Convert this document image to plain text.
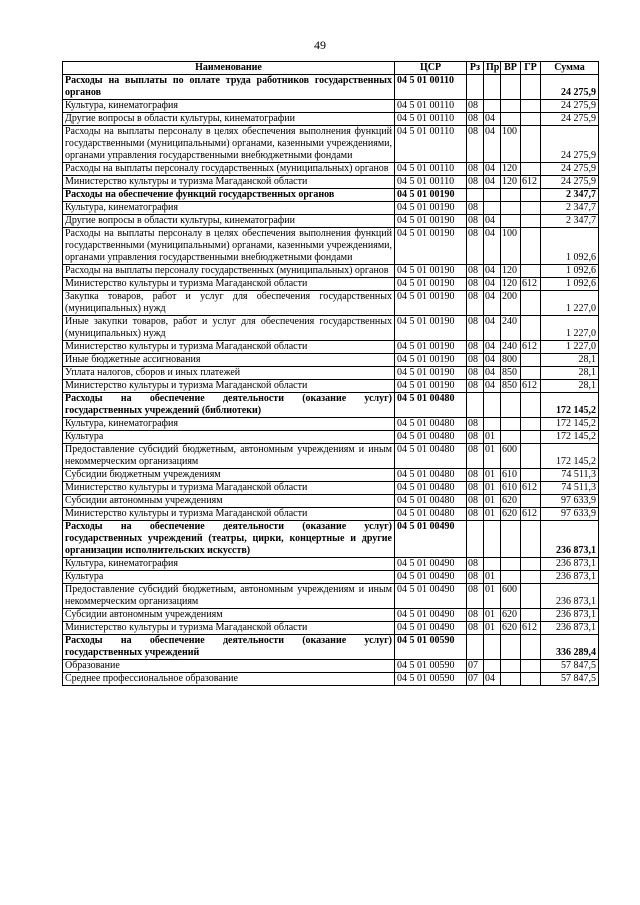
49
Наименование	ЦСР	Рз	Пр	ВР	ГР	Сумма
Расходы на выплаты по оплате труда работников государственных органов	04 5 01 00110					24 275,9
Культура, кинематография	04 5 01 00110	08				24 275,9
Другие вопросы в области культуры, кинематографии	04 5 01 00110	08	04			24 275,9
Расходы на выплаты персоналу в целях обеспечения выполнения функций государственными (муниципальными) органами, казенными учреждениями, органами управления государственными внебюджетными фондами	04 5 01 00110	08	04	100		24 275,9
Расходы на выплаты персоналу государственных (муниципальных) органов	04 5 01 00110	08	04	120		24 275,9
Министерство культуры и туризма Магаданской области	04 5 01 00110	08	04	120	612	24 275,9
Расходы на обеспечение функций государственных органов	04 5 01 00190					2 347,7
Культура, кинематография	04 5 01 00190	08				2 347,7
Другие вопросы в области культуры, кинематографии	04 5 01 00190	08	04			2 347,7
Расходы на выплаты персоналу в целях обеспечения выполнения функций государственными (муниципальными) органами, казенными учреждениями, органами управления государственными внебюджетными фондами	04 5 01 00190	08	04	100		1 092,6
Расходы на выплаты персоналу государственных (муниципальных) органов	04 5 01 00190	08	04	120		1 092,6
Министерство культуры и туризма Магаданской области	04 5 01 00190	08	04	120	612	1 092,6
Закупка товаров, работ и услуг для обеспечения государственных (муниципальных) нужд	04 5 01 00190	08	04	200		1 227,0
Иные закупки товаров, работ и услуг для обеспечения государственных (муниципальных) нужд	04 5 01 00190	08	04	240		1 227,0
Министерство культуры и туризма Магаданской области	04 5 01 00190	08	04	240	612	1 227,0
Иные бюджетные ассигнования	04 5 01 00190	08	04	800		28,1
Уплата налогов, сборов и иных платежей	04 5 01 00190	08	04	850		28,1
Министерство культуры и туризма Магаданской области	04 5 01 00190	08	04	850	612	28,1
Расходы на обеспечение деятельности (оказание услуг) государственных учреждений (библиотеки)	04 5 01 00480					172 145,2
Культура, кинематография	04 5 01 00480	08				172 145,2
Культура	04 5 01 00480	08	01			172 145,2
Предоставление субсидий бюджетным, автономным учреждениям и иным некоммерческим организациям	04 5 01 00480	08	01	600		172 145,2
Субсидии бюджетным учреждениям	04 5 01 00480	08	01	610		74 511,3
Министерство культуры и туризма Магаданской области	04 5 01 00480	08	01	610	612	74 511,3
Субсидии автономным учреждениям	04 5 01 00480	08	01	620		97 633,9
Министерство культуры и туризма Магаданской области	04 5 01 00480	08	01	620	612	97 633,9
Расходы на обеспечение деятельности (оказание услуг) государственных учреждений (театры, цирки, концертные и другие организации исполнительских искусств)	04 5 01 00490					236 873,1
Культура, кинематография	04 5 01 00490	08				236 873,1
Культура	04 5 01 00490	08	01			236 873,1
Предоставление субсидий бюджетным, автономным учреждениям и иным некоммерческим организациям	04 5 01 00490	08	01	600		236 873,1
Субсидии автономным учреждениям	04 5 01 00490	08	01	620		236 873,1
Министерство культуры и туризма Магаданской области	04 5 01 00490	08	01	620	612	236 873,1
Расходы на обеспечение деятельности (оказание услуг) государственных учреждений	04 5 01 00590					336 289,4
Образование	04 5 01 00590	07				57 847,5
Среднее профессиональное образование	04 5 01 00590	07	04			57 847,5
